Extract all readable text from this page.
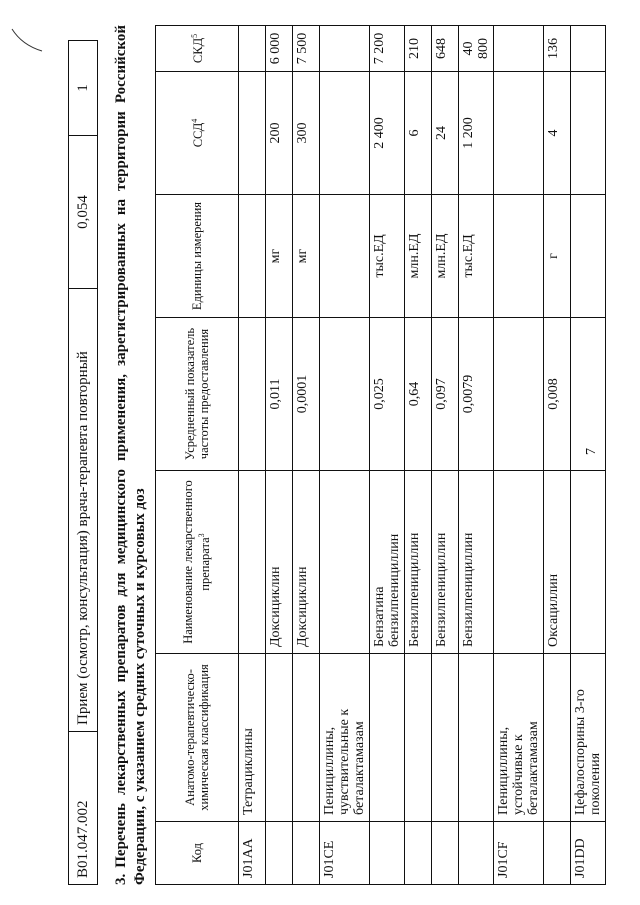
7
B01.047.002	Прием (осмотр, консультация) врача-терапевта повторный	0,054	1
3.Перечень лекарственных препаратов для медицинского применения, зарегистрированных на территории Российской Федерации, с указанием средних суточных и курсовых доз	Код	Анатомо-терапевтическо-химическая классификация	Наименование лекарственного препарата$^3$	Усредненный показатель частоты предоставления	Единицы измерения	ССД$^4$	СКД$^5$
J01AA	Тетрациклины					
		Доксициклин	0,011	мг	200	6 000
		Доксициклин	0,0001	мг	300	7 500
J01CE	Пенициллины, чувствительные к беталактамазам					
		Бензатина бензилпенициллин	0,025	тыс.ЕД	2 400	7 200
		Бензилпенициллин	0,64	млн.ЕД	6	210
		Бензилпенициллин	0,097	млн.ЕД	24	648
		Бензилпенициллин	0,0079	тыс.ЕД	1 200	40 800
J01CF	Пенициллины, устойчивые к беталактамазам					
		Оксациллин	0,008	г	4	136
J01DD	Цефалоспорины 3-го поколения					
